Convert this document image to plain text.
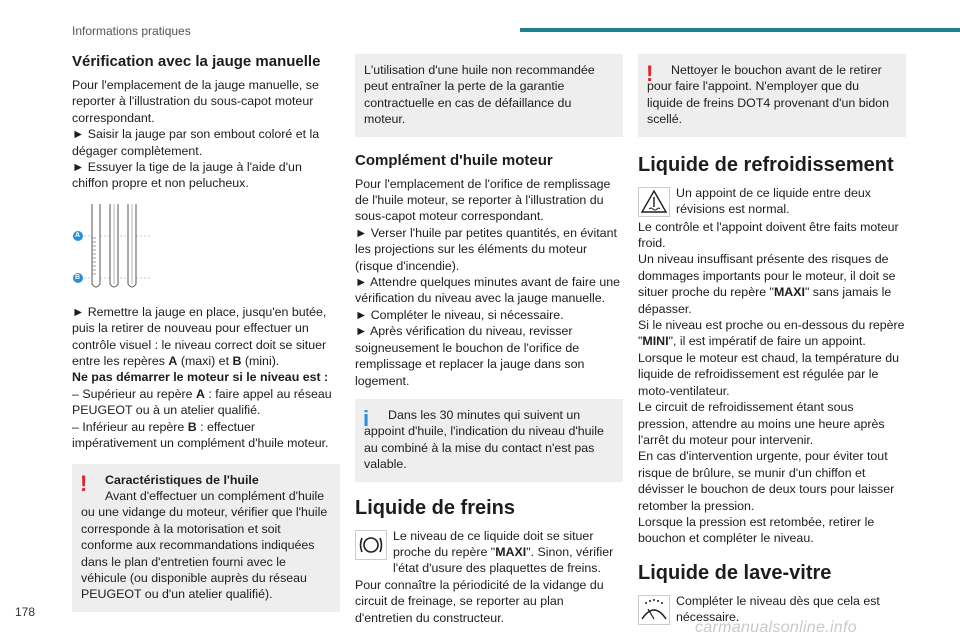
Informations pratiques
Vérification avec la jauge manuelle

Pour l'emplacement de la jauge manuelle, se reporter à l'illustration du sous-capot moteur correspondant.

► Saisir la jauge par son embout coloré et la dégager complètement.

► Essuyer la tige de la jauge à l'aide d'un chiffon propre et non pelucheux.

A
B

► Remettre la jauge en place, jusqu'en butée, puis la retirer de nouveau pour effectuer un contrôle visuel : le niveau correct doit se situer entre les repères A (maxi) et B (mini).

Ne pas démarrer le moteur si le niveau est :

– Supérieur au repère A : faire appel au réseau PEUGEOT ou à un atelier qualifié.

– Inférieur au repère B : effectuer impérativement un complément d'huile moteur.

!	Caractéristiques de l'huile
Avant d'effectuer un complément d'huile
ou une vidange du moteur, vérifier que l'huile corresponde à la motorisation et soit conforme aux recommandations indiquées dans le plan d'entretien fourni avec le véhicule (ou disponible auprès du réseau PEUGEOT ou d'un atelier qualifié).
L'utilisation d'une huile non recommandée peut entraîner la perte de la garantie contractuelle en cas de défaillance du moteur.
Complément d'huile moteur

Pour l'emplacement de l'orifice de remplissage de l'huile moteur, se reporter à l'illustration du sous-capot moteur correspondant.

► Verser l'huile par petites quantités, en évitant les projections sur les éléments du moteur (risque d'incendie).

► Attendre quelques minutes avant de faire une vérification du niveau avec la jauge manuelle.

► Compléter le niveau, si nécessaire.

► Après vérification du niveau, revisser soigneusement le bouchon de l'orifice de remplissage et replacer la jauge dans son logement.

i	Dans les 30 minutes qui suivent un
appoint d'huile, l'indication du niveau d'huile au combiné à la mise du contact n'est pas valable.
Liquide de freins
Le niveau de ce liquide doit se situer proche du repère "MAXI". Sinon, vérifier l'état d'usure des plaquettes de freins.

Pour connaître la périodicité de la vidange du circuit de freinage, se reporter au plan d'entretien du constructeur.

!	Nettoyer le bouchon avant de le retirer
pour faire l'appoint. N'employer que du liquide de freins DOT4 provenant d'un bidon scellé.
Liquide de refroidissement
Un appoint de ce liquide entre deux révisions est normal.

Le contrôle et l'appoint doivent être faits moteur froid.

Un niveau insuffisant présente des risques de dommages importants pour le moteur, il doit se situer proche du repère "MAXI" sans jamais le dépasser.

Si le niveau est proche ou en-dessous du repère "MINI", il est impératif de faire un appoint.

Lorsque le moteur est chaud, la température du liquide de refroidissement est régulée par le moto-ventilateur.

Le circuit de refroidissement étant sous pression, attendre au moins une heure après l'arrêt du moteur pour intervenir.

En cas d'intervention urgente, pour éviter tout risque de brûlure, se munir d'un chiffon et dévisser le bouchon de deux tours pour laisser retomber la pression.

Lorsque la pression est retombée, retirer le bouchon et compléter le niveau.

Liquide de lave-vitre
Compléter le niveau dès que cela est nécessaire.
178
carmanualsonline.info
